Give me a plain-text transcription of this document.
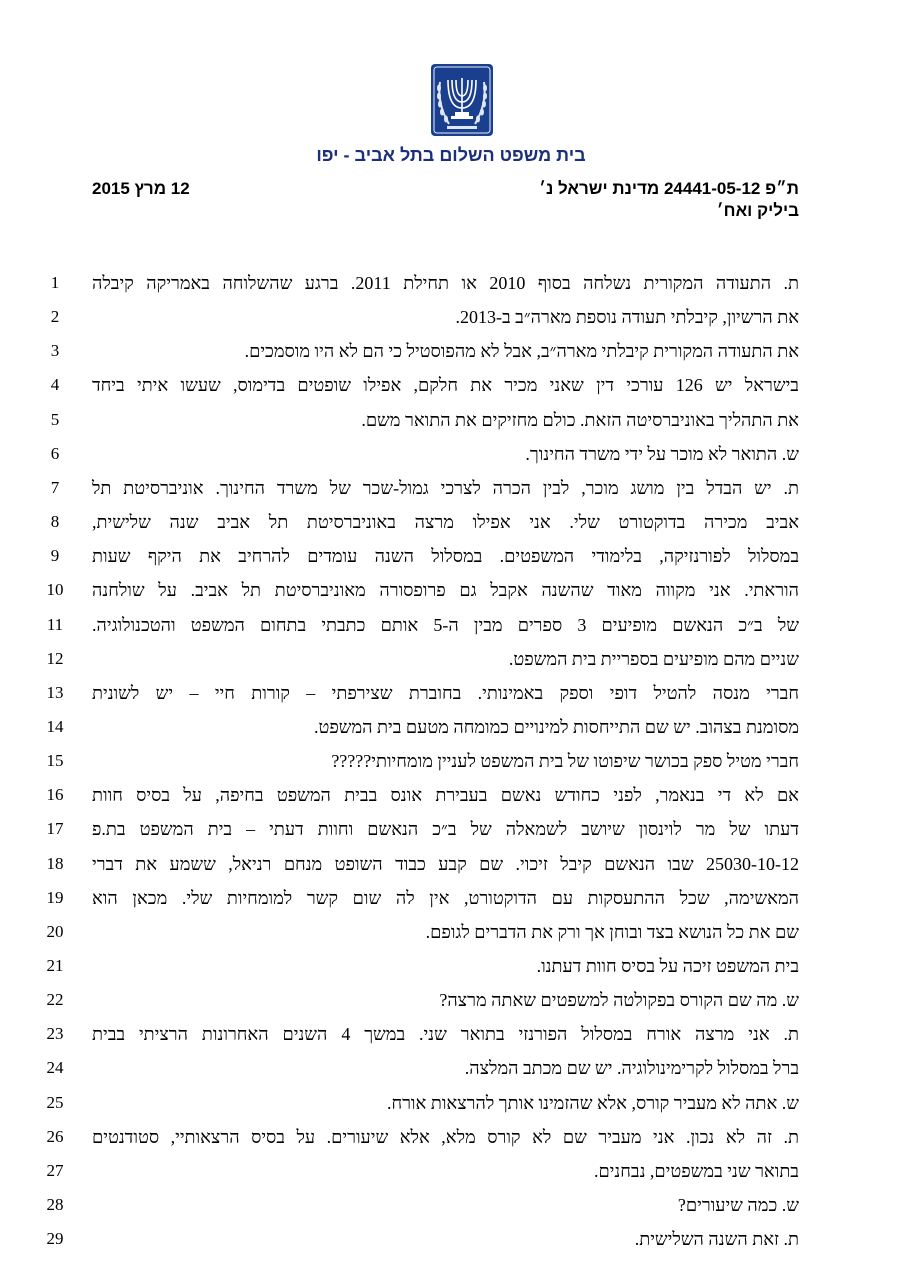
בית משפט השלום בתל אביב - יפו
ת״פ 24441-05-12 מדינת ישראל נ׳
ביליק ואח׳
12 מרץ 2015
1	ת. התעודה המקורית נשלחה בסוף 2010 או תחילת 2011. ברגע שהשלוחה באמריקה קיבלה
2	את הרשיון, קיבלתי תעודה נוספת מארה״ב ב-2013.
3	את התעודה המקורית קיבלתי מארה״ב, אבל לא מהפוסטיל כי הם לא היו מוסמכים.
4	בישראל יש 126 עורכי דין שאני מכיר את חלקם, אפילו שופטים בדימוס, שעשו איתי ביחד
5	את התהליך באוניברסיטה הזאת. כולם מחזיקים את התואר משם.
6	ש. התואר לא מוכר על ידי משרד החינוך.
7	ת. יש הבדל בין מושג מוכר, לבין הכרה לצרכי גמול-שכר של משרד החינוך. אוניברסיטת תל
8	אביב מכירה בדוקטורט שלי. אני אפילו מרצה באוניברסיטת תל אביב שנה שלישית,
9	במסלול לפורנזיקה, בלימודי המשפטים. במסלול השנה עומדים להרחיב את היקף שעות
10 הוראתי. אני מקווה מאוד שהשנה אקבל גם פרופסורה מאוניברסיטת תל אביב. על שולחנה
11 של ב״כ הנאשם מופיעים 3 ספרים מבין ה-5 אותם כתבתי בתחום המשפט והטכנולוגיה.
12	שניים מהם מופיעים בספריית בית המשפט.
13 חברי מנסה להטיל דופי וספק באמינותי. בחוברת שצירפתי – קורות חיי – יש לשונית
14	מסומנת בצהוב. יש שם התייחסות למינויים כמומחה מטעם בית המשפט.
15	חברי מטיל ספק בכושר שיפוטו של בית המשפט לעניין מומחיותי?????
16 אם לא די בנאמר, לפני כחודש נאשם בעבירת אונס בבית המשפט בחיפה, על בסיס חוות
17 דעתו של מר לוינסון שיושב לשמאלה של ב״כ הנאשם וחוות דעתי – בית המשפט בת.פ
18 25030-10-12 שבו הנאשם קיבל זיכוי. שם קבע כבוד השופט מנחם רניאל, ששמע את דברי
19 המאשימה, שכל ההתעסקות עם הדוקטורט, אין לה שום קשר למומחיות שלי. מכאן הוא
20	שם את כל הנושא בצד ובוחן אך ורק את הדברים לגופם.
21	בית המשפט זיכה על בסיס חוות דעתנו.
22	ש. מה שם הקורס בפקולטה למשפטים שאתה מרצה?
23 ת. אני מרצה אורח במסלול הפורנזי בתואר שני. במשך 4 השנים האחרונות הרציתי בבית
24	ברל במסלול לקרימינולוגיה. יש שם מכתב המלצה.
25	ש. אתה לא מעביר קורס, אלא שהזמינו אותך להרצאות אורח.
26 ת. זה לא נכון. אני מעביר שם לא קורס מלא, אלא שיעורים. על בסיס הרצאותיי, סטודנטים
27	בתואר שני במשפטים, נבחנים.
28	ש. כמה שיעורים?
29	ת. זאת השנה השלישית.
